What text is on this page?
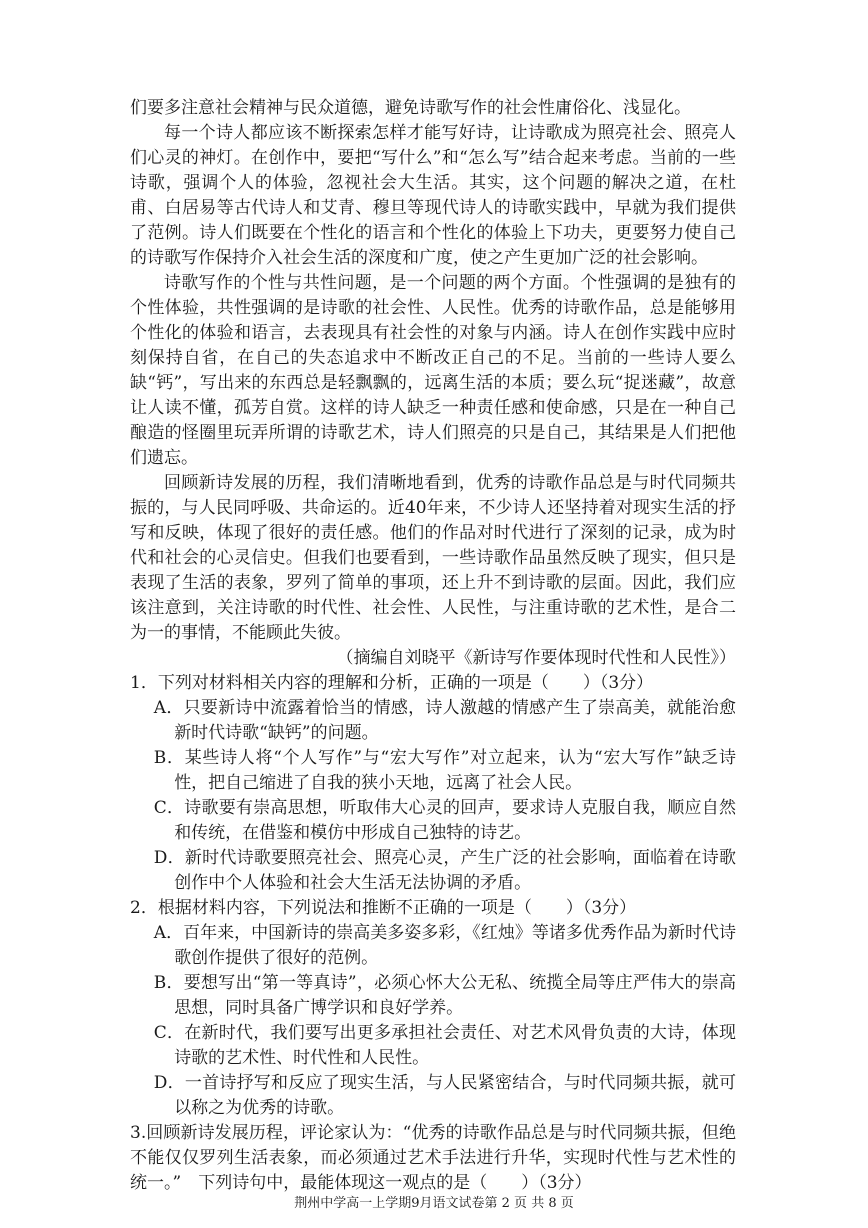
们要多注意社会精神与民众道德，避免诗歌写作的社会性庸俗化、浅显化。

每一个诗人都应该不断探索怎样才能写好诗，让诗歌成为照亮社会、照亮人们心灵的神灯。在创作中，要把“写什么”和“怎么写”结合起来考虑。当前的一些诗歌，强调个人的体验，忽视社会大生活。其实，这个问题的解决之道，在杜甫、白居易等古代诗人和艾青、穆旦等现代诗人的诗歌实践中，早就为我们提供了范例。诗人们既要在个性化的语言和个性化的体验上下功夫，更要努力使自己的诗歌写作保持介入社会生活的深度和广度，使之产生更加广泛的社会影响。

诗歌写作的个性与共性问题，是一个问题的两个方面。个性强调的是独有的个性体验，共性强调的是诗歌的社会性、人民性。优秀的诗歌作品，总是能够用个性化的体验和语言，去表现具有社会性的对象与内涵。诗人在创作实践中应时刻保持自省，在自己的失态追求中不断改正自己的不足。当前的一些诗人要么缺“钙”，写出来的东西总是轻飘飘的，远离生活的本质；要么玩“捉迷藏”，故意让人读不懂，孤芳自赏。这样的诗人缺乏一种责任感和使命感，只是在一种自己酿造的怪圈里玩弄所谓的诗歌艺术，诗人们照亮的只是自己，其结果是人们把他们遗忘。

回顾新诗发展的历程，我们清晰地看到，优秀的诗歌作品总是与时代同频共振的，与人民同呼吸、共命运的。近40年来，不少诗人还坚持着对现实生活的抒写和反映，体现了很好的责任感。他们的作品对时代进行了深刻的记录，成为时代和社会的心灵信史。但我们也要看到，一些诗歌作品虽然反映了现实，但只是表现了生活的表象，罗列了简单的事项，还上升不到诗歌的层面。因此，我们应该注意到，关注诗歌的时代性、社会性、人民性，与注重诗歌的艺术性，是合二为一的事情，不能顾此失彼。

（摘编自刘晓平《新诗写作要体现时代性和人民性》）

1．下列对材料相关内容的理解和分析，正确的一项是（　　）（3分）

A．只要新诗中流露着恰当的情感，诗人激越的情感产生了崇高美，就能治愈新时代诗歌“缺钙”的问题。

B．某些诗人将“个人写作”与“宏大写作”对立起来，认为“宏大写作”缺乏诗性，把自己缩进了自我的狭小天地，远离了社会人民。

C．诗歌要有崇高思想，听取伟大心灵的回声，要求诗人克服自我，顺应自然和传统，在借鉴和模仿中形成自己独特的诗艺。

D．新时代诗歌要照亮社会、照亮心灵，产生广泛的社会影响，面临着在诗歌创作中个人体验和社会大生活无法协调的矛盾。

2．根据材料内容，下列说法和推断不正确的一项是（　　）（3分）

A．百年来，中国新诗的崇高美多姿多彩，《红烛》等诸多优秀作品为新时代诗歌创作提供了很好的范例。

B．要想写出“第一等真诗”，必须心怀大公无私、统揽全局等庄严伟大的崇高思想，同时具备广博学识和良好学养。

C．在新时代，我们要写出更多承担社会责任、对艺术风骨负责的大诗，体现诗歌的艺术性、时代性和人民性。

D．一首诗抒写和反应了现实生活，与人民紧密结合，与时代同频共振，就可以称之为优秀的诗歌。

3.回顾新诗发展历程，评论家认为：“优秀的诗歌作品总是与时代同频共振，但绝不能仅仅罗列生活表象，而必须通过艺术手法进行升华，实现时代性与艺术性的统一。”　下列诗句中，最能体现这一观点的是（　　）（3分）

荆州中学高一上学期9月语文试卷第 2 页 共 8 页
